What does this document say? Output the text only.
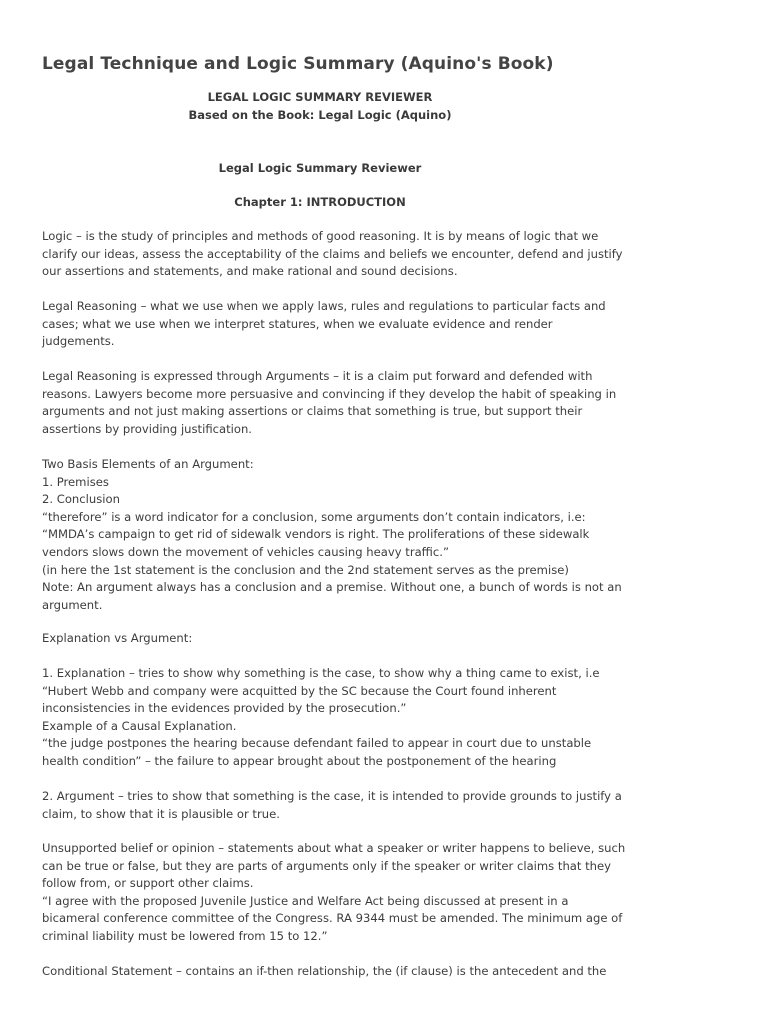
Legal Technique and Logic Summary (Aquino's Book)

LEGAL LOGIC SUMMARY REVIEWER

Based on the Book: Legal Logic (Aquino)

Legal Logic Summary Reviewer

Chapter 1: INTRODUCTION

Logic – is the study of principles and methods of good reasoning. It is by means of logic that we
clarify our ideas, assess the acceptability of the claims and beliefs we encounter, defend and justify
our assertions and statements, and make rational and sound decisions.
Legal Reasoning – what we use when we apply laws, rules and regulations to particular facts and
cases; what we use when we interpret statures, when we evaluate evidence and render
judgements.
Legal Reasoning is expressed through Arguments – it is a claim put forward and defended with
reasons. Lawyers become more persuasive and convincing if they develop the habit of speaking in
arguments and not just making assertions or claims that something is true, but support their
assertions by providing justification.
Two Basis Elements of an Argument:
1. Premises
2. Conclusion
“therefore” is a word indicator for a conclusion, some arguments don’t contain indicators, i.e:
“MMDA’s campaign to get rid of sidewalk vendors is right. The proliferations of these sidewalk
vendors slows down the movement of vehicles causing heavy traffic.”
(in here the 1st statement is the conclusion and the 2nd statement serves as the premise)
Note: An argument always has a conclusion and a premise. Without one, a bunch of words is not an
argument.
Explanation vs Argument:
1. Explanation – tries to show why something is the case, to show why a thing came to exist, i.e
“Hubert Webb and company were acquitted by the SC because the Court found inherent
inconsistencies in the evidences provided by the prosecution.”
Example of a Causal Explanation.
“the judge postpones the hearing because defendant failed to appear in court due to unstable
health condition” – the failure to appear brought about the postponement of the hearing
2. Argument – tries to show that something is the case, it is intended to provide grounds to justify a
claim, to show that it is plausible or true.
Unsupported belief or opinion – statements about what a speaker or writer happens to believe, such
can be true or false, but they are parts of arguments only if the speaker or writer claims that they
follow from, or support other claims.
“I agree with the proposed Juvenile Justice and Welfare Act being discussed at present in a
bicameral conference committee of the Congress. RA 9344 must be amended. The minimum age of
criminal liability must be lowered from 15 to 12.”
Conditional Statement – contains an if-then relationship, the (if clause) is the antecedent and the
